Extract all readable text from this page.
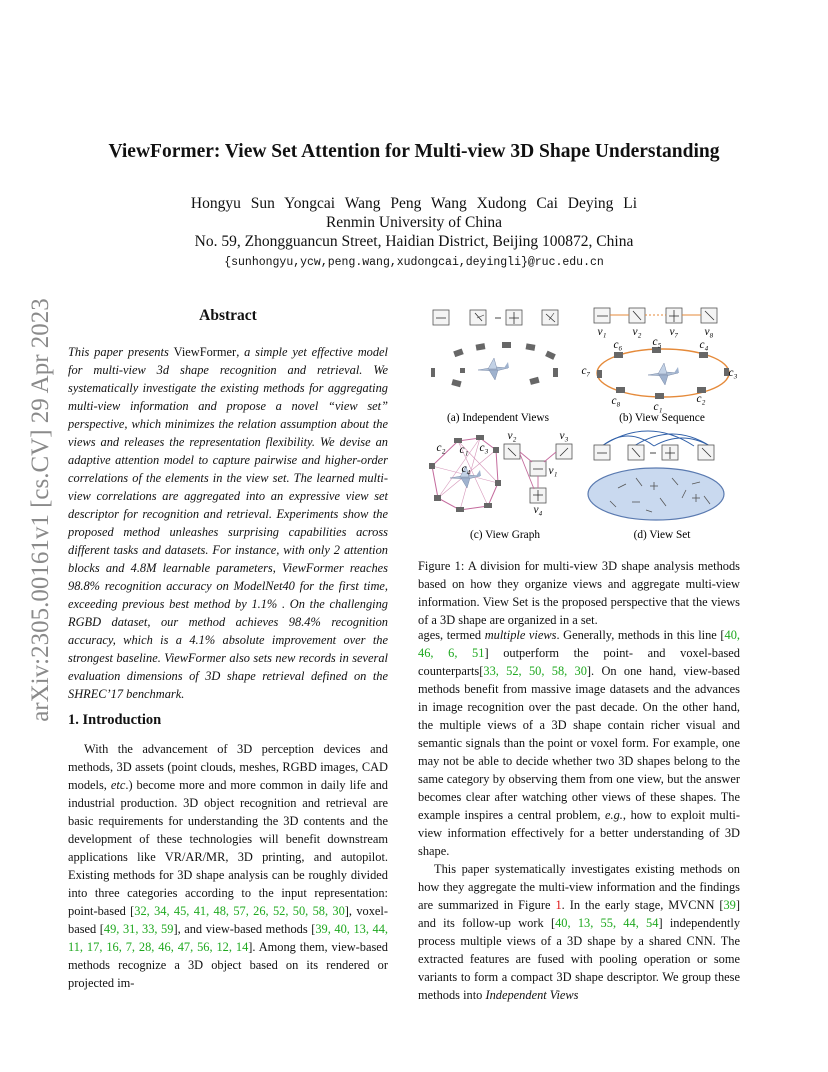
arXiv:2305.00161v1 [cs.CV] 29 Apr 2023
ViewFormer: View Set Attention for Multi-view 3D Shape Understanding
Hongyu Sun Yongcai Wang Peng Wang Xudong Cai Deying Li
Renmin University of China
No. 59, Zhongguancun Street, Haidian District, Beijing 100872, China
{sunhongyu,ycw,peng.wang,xudongcai,deyingli}@ruc.edu.cn
Abstract
This paper presents ViewFormer, a simple yet effective model for multi-view 3d shape recognition and retrieval. We systematically investigate the existing methods for aggregating multi-view information and propose a novel “view set” perspective, which minimizes the relation assumption about the views and releases the representation flexibility. We devise an adaptive attention model to capture pairwise and higher-order correlations of the elements in the view set. The learned multi-view correlations are aggregated into an expressive view set descriptor for recognition and retrieval. Experiments show the proposed method unleashes surprising capabilities across different tasks and datasets. For instance, with only 2 attention blocks and 4.8M learnable parameters, ViewFormer reaches 98.8% recognition accuracy on ModelNet40 for the first time, exceeding previous best method by 1.1% . On the challenging RGBD dataset, our method achieves 98.4% recognition accuracy, which is a 4.1% absolute improvement over the strongest baseline. ViewFormer also sets new records in several evaluation dimensions of 3D shape retrieval defined on the SHREC’17 benchmark.
1. Introduction
With the advancement of 3D perception devices and methods, 3D assets (point clouds, meshes, RGBD images, CAD models, etc.) become more and more common in daily life and industrial production. 3D object recognition and retrieval are basic requirements for understanding the 3D contents and the development of these technologies will benefit downstream applications like VR/AR/MR, 3D printing, and autopilot. Existing methods for 3D shape analysis can be roughly divided into three categories according to the input representation: point-based [32, 34, 45, 41, 48, 57, 26, 52, 50, 58, 30], voxel-based [49, 31, 33, 59], and view-based methods [39, 40, 13, 44, 11, 17, 16, 7, 28, 46, 47, 56, 12, 14]. Among them, view-based methods recognize a 3D object based on its rendered or projected im-
(a) Independent Views
v₁ v₂ v₇ v₈
c₆	c₅	c₄
c₇	c₃
c₈	c₁
c₂
(b) View Sequence
c₂ c₁ c₃
c₄
v₂	v₃
v₁
v₄
(c) View Graph	(d) View Set
Figure 1: A division for multi-view 3D shape analysis methods based on how they organize views and aggregate multi-view information. View Set is the proposed perspective that the views of a 3D shape are organized in a set.

ages, termed multiple views. Generally, methods in this line [40, 46, 6, 51] outperform the point- and voxel-based counterparts[33, 52, 50, 58, 30]. On one hand, view-based methods benefit from massive image datasets and the advances in image recognition over the past decade. On the other hand, the multiple views of a 3D shape contain richer visual and semantic signals than the point or voxel form. For example, one may not be able to decide whether two 3D shapes belong to the same category by observing them from one view, but the answer becomes clear after watching other views of these shapes. The example inspires a central problem, e.g., how to exploit multi-view information effectively for a better understanding of 3D shape.

This paper systematically investigates existing methods on how they aggregate the multi-view information and the findings are summarized in Figure 1. In the early stage, MVCNN [39] and its follow-up work [40, 13, 55, 44, 54] independently process multiple views of a 3D shape by a shared CNN. The extracted features are fused with pooling operation or some variants to form a compact 3D shape descriptor. We group these methods into Independent Views
